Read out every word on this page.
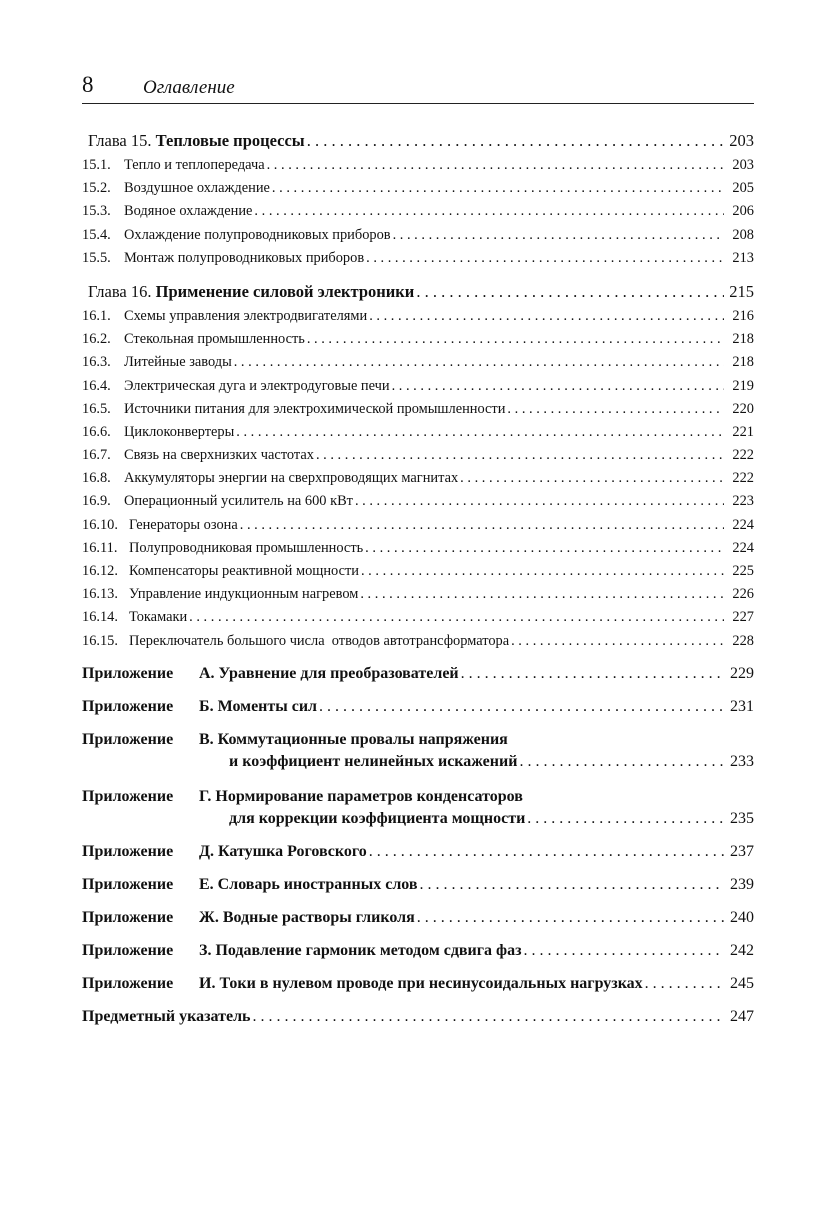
8	Оглавление
Глава 15. Тепловые процессы . . .	203
15.1. Тепло и теплопередача . . .	203
15.2. Воздушное охлаждение . . .	205
15.3. Водяное охлаждение . . .	206
15.4. Охлаждение полупроводниковых приборов . . .	208
15.5. Монтаж полупроводниковых приборов . . .	213
Глава 16. Применение силовой электроники . . .	215
16.1. Схемы управления электродвигателями . . .	216
16.2. Стекольная промышленность . . .	218
16.3. Литейные заводы . . .	218
16.4. Электрическая дуга и электродуговые печи . . .	219
16.5. Источники питания для электрохимической промышленности . . .	220
16.6. Циклоконвертеры . . .	221
16.7. Связь на сверхнизких частотах . . .	222
16.8. Аккумуляторы энергии на сверхпроводящих магнитах . . .	222
16.9. Операционный усилитель на 600 кВт . . .	223
16.10. Генераторы озона . . .	224
16.11. Полупроводниковая промышленность . . .	224
16.12. Компенсаторы реактивной мощности . . .	225
16.13. Управление индукционным нагревом . . .	226
16.14. Токамаки . . .	227
16.15. Переключатель большого числа  отводов автотрансформатора . . .	228
Приложение А. Уравнение для преобразователей . . .	229
Приложение Б. Моменты сил . . .	231
Приложение В. Коммутационные провалы напряжения
и коэффициент нелинейных искажений . . .	233
Приложение Г. Нормирование параметров конденсаторов
для коррекции коэффициента мощности . . .	235
Приложение Д. Катушка Роговского . . .	237
Приложение Е. Словарь иностранных слов . . .	239
Приложение Ж. Водные растворы гликоля . . .	240
Приложение З. Подавление гармоник методом сдвига фаз . . .	242
Приложение И. Токи в нулевом проводе при несинусоидальных нагрузках . . .	245
Предметный указатель . . .	247
